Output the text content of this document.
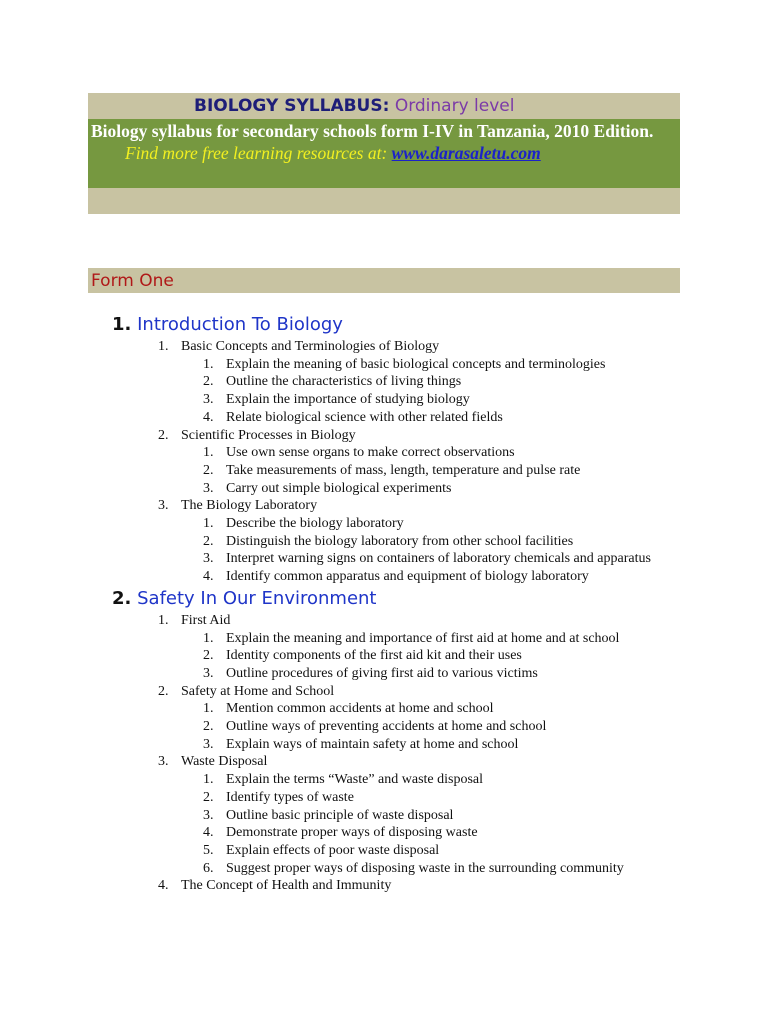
BIOLOGY SYLLABUS: Ordinary level
Biology syllabus for secondary schools form I-IV in Tanzania, 2010 Edition.
Find more free learning resources at: www.darasaletu.com
Form One
1. Introduction To Biology
1. Basic Concepts and Terminologies of Biology
1. Explain the meaning of basic biological concepts and terminologies
2. Outline the characteristics of living things
3. Explain the importance of studying biology
4. Relate biological science with other related fields
2. Scientific Processes in Biology
1. Use own sense organs to make correct observations
2. Take measurements of mass, length, temperature and pulse rate
3. Carry out simple biological experiments
3. The Biology Laboratory
1. Describe the biology laboratory
2. Distinguish the biology laboratory from other school facilities
3. Interpret warning signs on containers of laboratory chemicals and apparatus
4. Identify common apparatus and equipment of biology laboratory
2. Safety In Our Environment
1. First Aid
1. Explain the meaning and importance of first aid at home and at school
2. Identity components of the first aid kit and their uses
3. Outline procedures of giving first aid to various victims
2. Safety at Home and School
1. Mention common accidents at home and school
2. Outline ways of preventing accidents at home and school
3. Explain ways of maintain safety at home and school
3. Waste Disposal
1. Explain the terms “Waste” and waste disposal
2. Identify types of waste
3. Outline basic principle of waste disposal
4. Demonstrate proper ways of disposing waste
5. Explain effects of poor waste disposal
6. Suggest proper ways of disposing waste in the surrounding community
4. The Concept of Health and Immunity
